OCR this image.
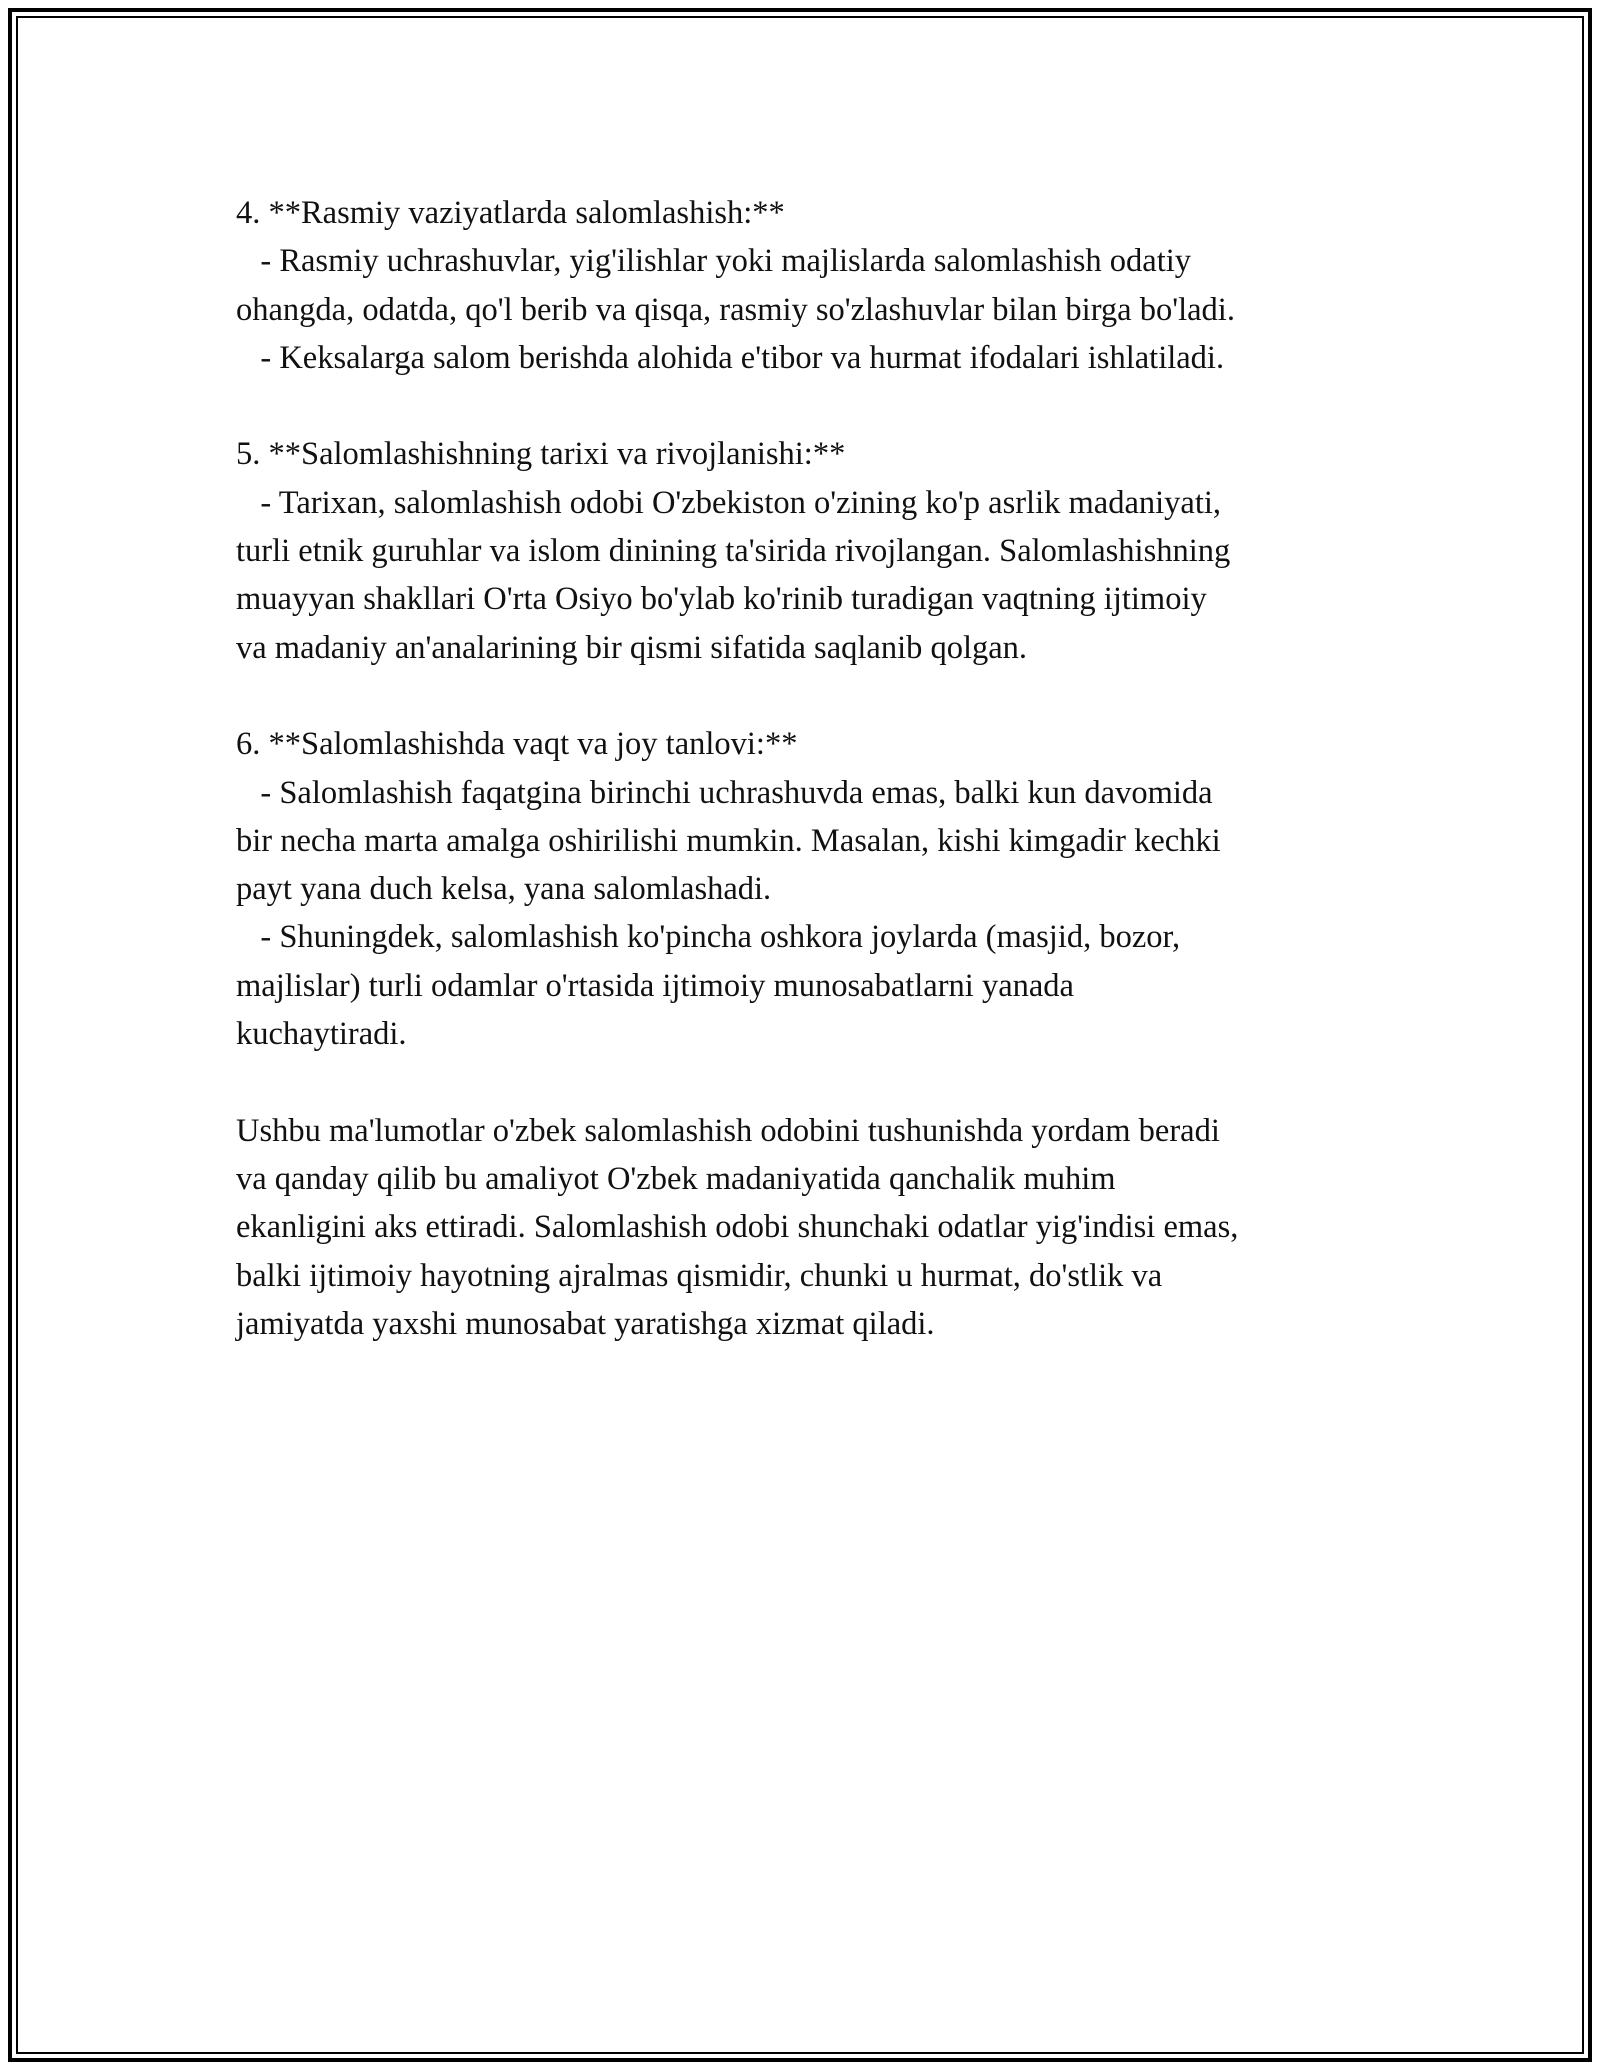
4. **Rasmiy vaziyatlarda salomlashish:**
- Rasmiy uchrashuvlar, yig'ilishlar yoki majlislarda salomlashish odatiy
ohangda, odatda, qo'l berib va qisqa, rasmiy so'zlashuvlar bilan birga bo'ladi.
- Keksalarga salom berishda alohida e'tibor va hurmat ifodalari ishlatiladi.
5. **Salomlashishning tarixi va rivojlanishi:**
- Tarixan, salomlashish odobi O'zbekiston o'zining ko'p asrlik madaniyati,
turli etnik guruhlar va islom dinining ta'sirida rivojlangan. Salomlashishning
muayyan shakllari O'rta Osiyo bo'ylab ko'rinib turadigan vaqtning ijtimoiy
va madaniy an'analarining bir qismi sifatida saqlanib qolgan.
6. **Salomlashishda vaqt va joy tanlovi:**
- Salomlashish faqatgina birinchi uchrashuvda emas, balki kun davomida
bir necha marta amalga oshirilishi mumkin. Masalan, kishi kimgadir kechki
payt yana duch kelsa, yana salomlashadi.
- Shuningdek, salomlashish ko'pincha oshkora joylarda (masjid, bozor,
majlislar) turli odamlar o'rtasida ijtimoiy munosabatlarni yanada
kuchaytiradi.
Ushbu ma'lumotlar o'zbek salomlashish odobini tushunishda yordam beradi
va qanday qilib bu amaliyot O'zbek madaniyatida qanchalik muhim
ekanligini aks ettiradi. Salomlashish odobi shunchaki odatlar yig'indisi emas,
balki ijtimoiy hayotning ajralmas qismidir, chunki u hurmat, do'stlik va
jamiyatda yaxshi munosabat yaratishga xizmat qiladi.
